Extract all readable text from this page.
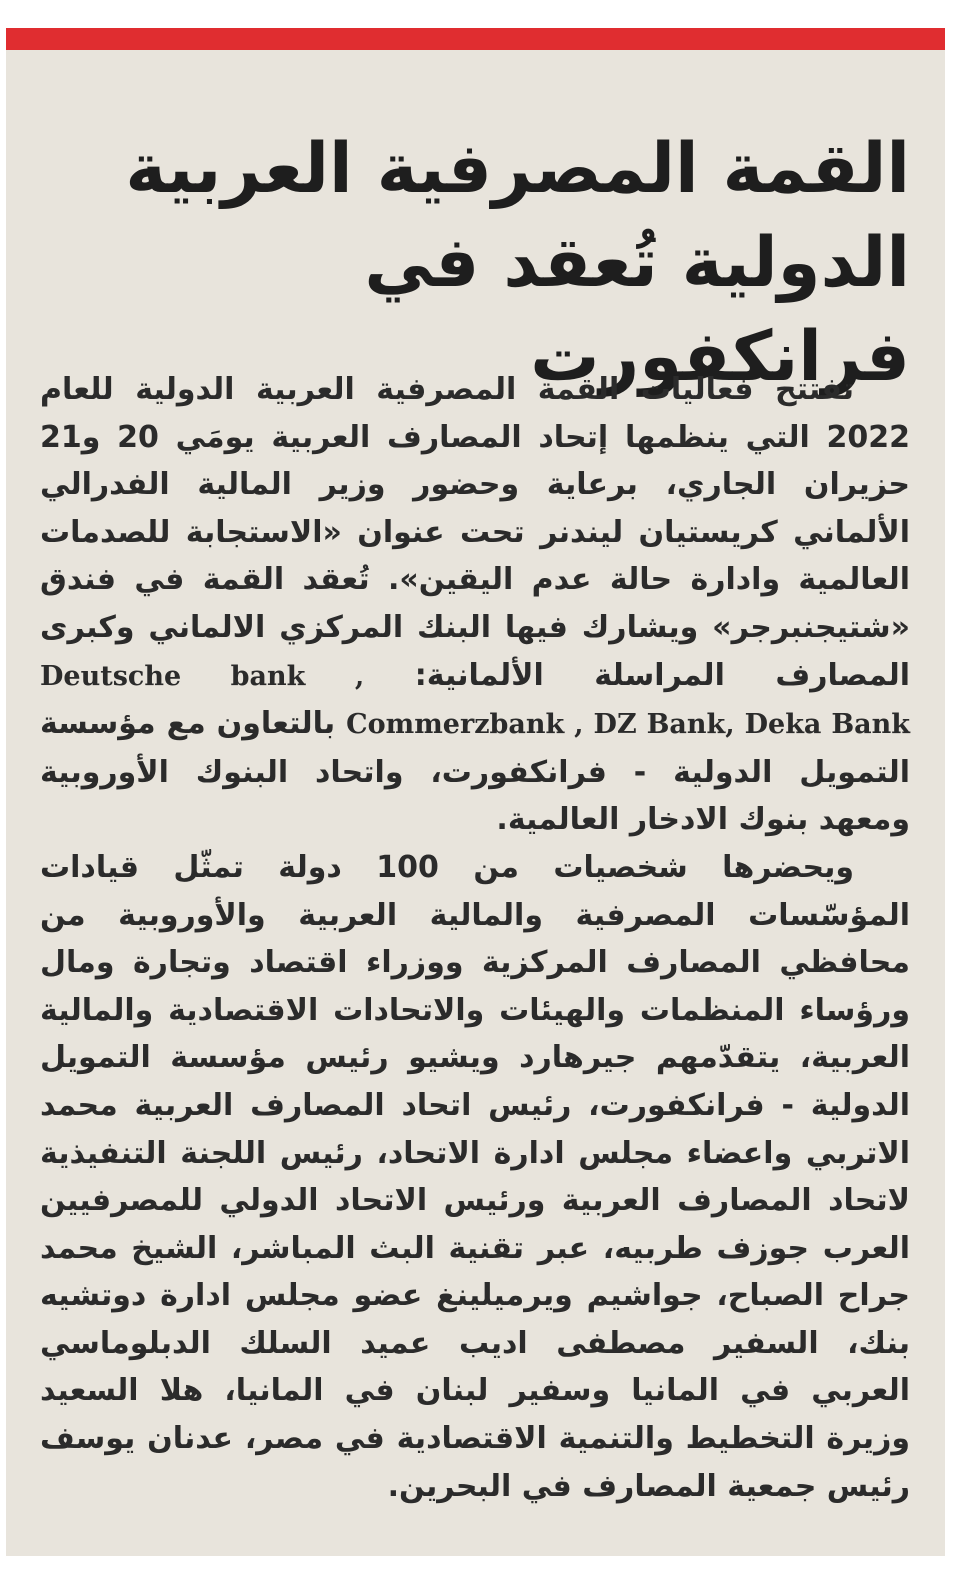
القمة المصرفية العربية
الدولية تُعقد في فرانكفورت

تفتتح فعاليات القمة المصرفية العربية الدولية للعام 2022 التي ينظمها إتحاد المصارف العربية يومَي 20 و21 حزيران الجاري، برعاية وحضور وزير المالية الفدرالي الألماني كريستيان ليندنر تحت عنوان «الاستجابة للصدمات العالمية وادارة حالة عدم اليقين». تُعقد القمة في فندق «شتيجنبرجر» ويشارك فيها البنك المركزي الالماني وكبرى المصارف المراسلة الألمانية: Deutsche bank , Commerzbank , DZ Bank, Deka Bank بالتعاون مع مؤسسة التمويل الدولية - فرانكفورت، واتحاد البنوك الأوروبية ومعهد بنوك الادخار العالمية.

ويحضرها شخصيات من 100 دولة تمثّل قيادات المؤسّسات المصرفية والمالية العربية والأوروبية من محافظي المصارف المركزية ووزراء اقتصاد وتجارة ومال ورؤساء المنظمات والهيئات والاتحادات الاقتصادية والمالية العربية، يتقدّمهم جيرهارد ويشيو رئيس مؤسسة التمويل الدولية - فرانكفورت، رئيس اتحاد المصارف العربية محمد الاتربي واعضاء مجلس ادارة الاتحاد، رئيس اللجنة التنفيذية لاتحاد المصارف العربية ورئيس الاتحاد الدولي للمصرفيين العرب جوزف طربيه، عبر تقنية البث المباشر، الشيخ محمد جراح الصباح، جواشيم ويرميلينغ عضو مجلس ادارة دوتشيه بنك، السفير مصطفى اديب عميد السلك الدبلوماسي العربي في المانيا وسفير لبنان في المانيا، هلا السعيد وزيرة التخطيط والتنمية الاقتصادية في مصر، عدنان يوسف رئيس جمعية المصارف في البحرين.
